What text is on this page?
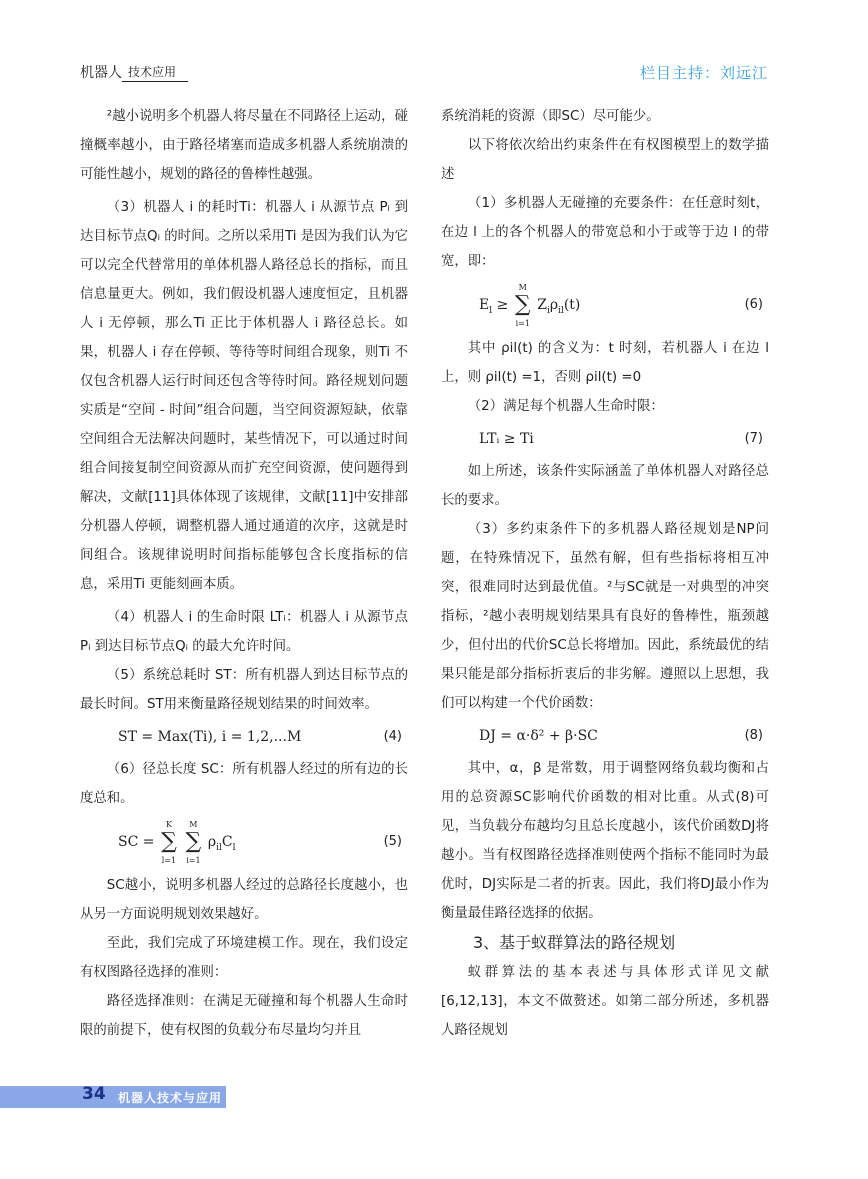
机器人 技术应用	栏目主持：刘远江

²越小说明多个机器人将尽量在不同路径上运动，碰撞概率越小，由于路径堵塞而造成多机器人系统崩溃的可能性越小，规划的路径的鲁棒性越强。

（3）机器人 i 的耗时Ti：机器人 i 从源节点 Pᵢ 到达目标节点Qᵢ 的时间。之所以采用Ti 是因为我们认为它可以完全代替常用的单体机器人路径总长的指标，而且信息量更大。例如，我们假设机器人速度恒定，且机器人 i 无停顿，那么Ti 正比于体机器人 i 路径总长。如果，机器人 i 存在停顿、等待等时间组合现象，则Ti 不仅包含机器人运行时间还包含等待时间。路径规划问题实质是“空间 - 时间”组合问题，当空间资源短缺，依靠空间组合无法解决问题时，某些情况下，可以通过时间组合间接复制空间资源从而扩充空间资源，使问题得到解决，文献[11]具体体现了该规律，文献[11]中安排部分机器人停顿，调整机器人通过通道的次序，这就是时间组合。该规律说明时间指标能够包含长度指标的信息，采用Ti 更能刻画本质。

（4）机器人 i 的生命时限 LTᵢ：机器人 i 从源节点Pᵢ 到达目标节点Qᵢ 的最大允许时间。

（5）系统总耗时 ST：所有机器人到达目标节点的最长时间。ST用来衡量路径规划结果的时间效率。

ST = Max(Ti), i = 1,2,...M	(4)

（6）径总长度 SC：所有机器人经过的所有边的长度总和。

SC = ∑
K
l=1
∑
M
i=1
$\rho_{il}C_l$	(5)

SC越小，说明多机器人经过的总路径长度越小，也从另一方面说明规划效果越好。

至此，我们完成了环境建模工作。现在，我们设定有权图路径选择的准则：

路径选择准则：在满足无碰撞和每个机器人生命时限的前提下，使有权图的负载分布尽量均匀并且

系统消耗的资源（即SC）尽可能少。

以下将依次给出约束条件在有权图模型上的数学描述

（1）多机器人无碰撞的充要条件：在任意时刻t，在边 l 上的各个机器人的带宽总和小于或等于边 l 的带宽，即：

$E_l$ ≥ ∑
M
i=1
$Z_i\rho_{il}(t)$	(6)

其中 ρil(t) 的含义为：t 时刻，若机器人 i 在边 l 上，则 ρil(t) =1，否则 ρil(t) =0

（2）满足每个机器人生命时限：

LTᵢ ≥ Ti	(7)

如上所述，该条件实际涵盖了单体机器人对路径总长的要求。

（3）多约束条件下的多机器人路径规划是NP问题，在特殊情况下，虽然有解，但有些指标将相互冲突，很难同时达到最优值。²与SC就是一对典型的冲突指标，²越小表明规划结果具有良好的鲁棒性，瓶颈越少，但付出的代价SC总长将增加。因此，系统最优的结果只能是部分指标折衷后的非劣解。遵照以上思想，我们可以构建一个代价函数：

DJ = α·δ² + β·SC	(8)

其中，α，β 是常数，用于调整网络负载均衡和占用的总资源SC影响代价函数的相对比重。从式(8)可见，当负载分布越均匀且总长度越小，该代价函数DJ将越小。当有权图路径选择准则使两个指标不能同时为最优时，DJ实际是二者的折衷。因此，我们将DJ最小作为衡量最佳路径选择的依据。

3、基于蚁群算法的路径规划

蚁群算法的基本表述与具体形式详见文献[6,12,13]，本文不做赘述。如第二部分所述，多机器人路径规划

34 机器人技术与应用
